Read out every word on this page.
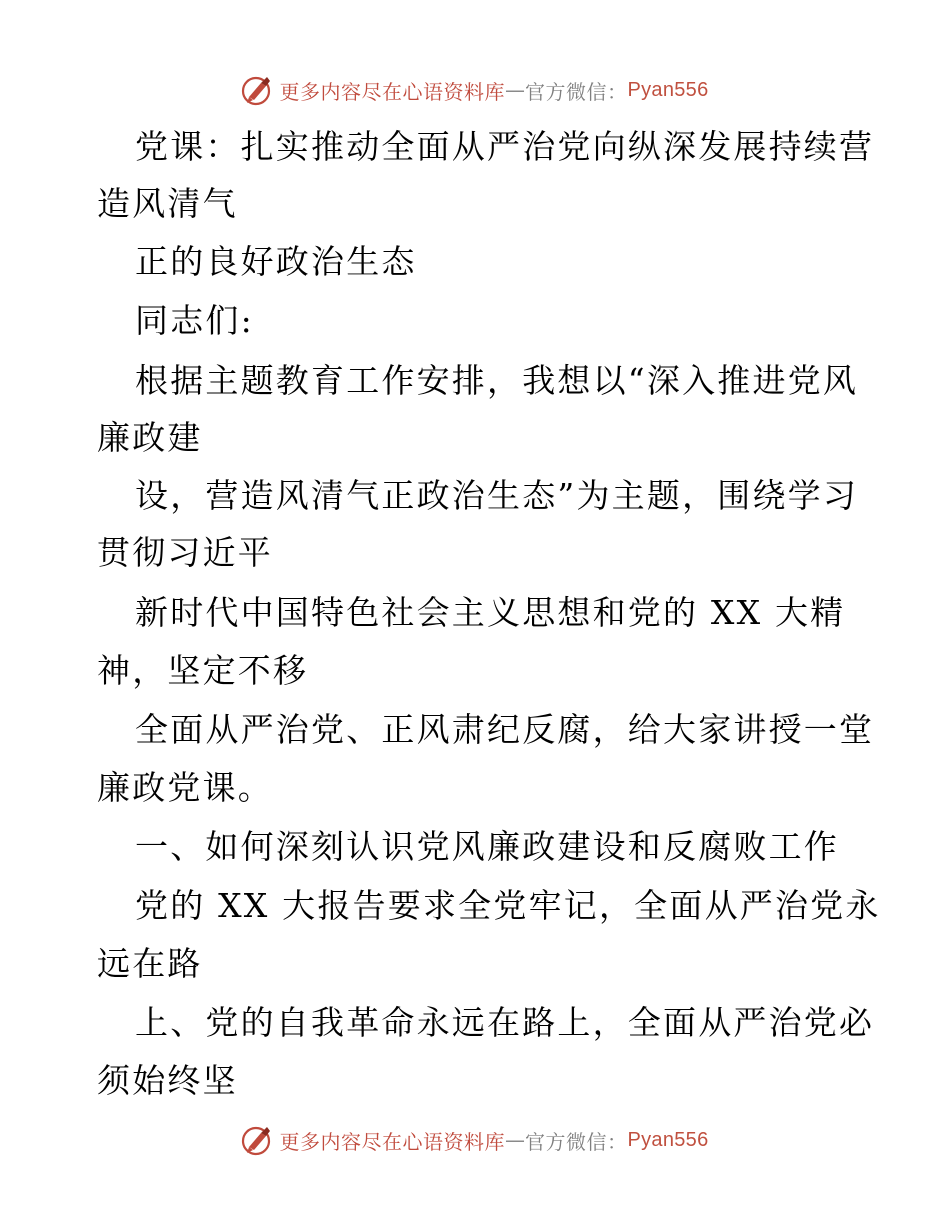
更多内容尽在心语资料库 — 官方微信： Pyan556
党课：扎实推动全面从严治党向纵深发展持续营
造风清气
正的良好政治生态
同志们:
根据主题教育工作安排，我想以“深入推进党风
廉政建
设，营造风清气正政治生态”为主题，围绕学习
贯彻习近平
新时代中国特色社会主义思想和党的 XX 大精
神，坚定不移
全面从严治党、正风肃纪反腐，给大家讲授一堂
廉政党课。
一、如何深刻认识党风廉政建设和反腐败工作
党的 XX 大报告要求全党牢记，全面从严治党永
远在路
上、党的自我革命永远在路上，全面从严治党必
须始终坚
更多内容尽在心语资料库 — 官方微信： Pyan556
